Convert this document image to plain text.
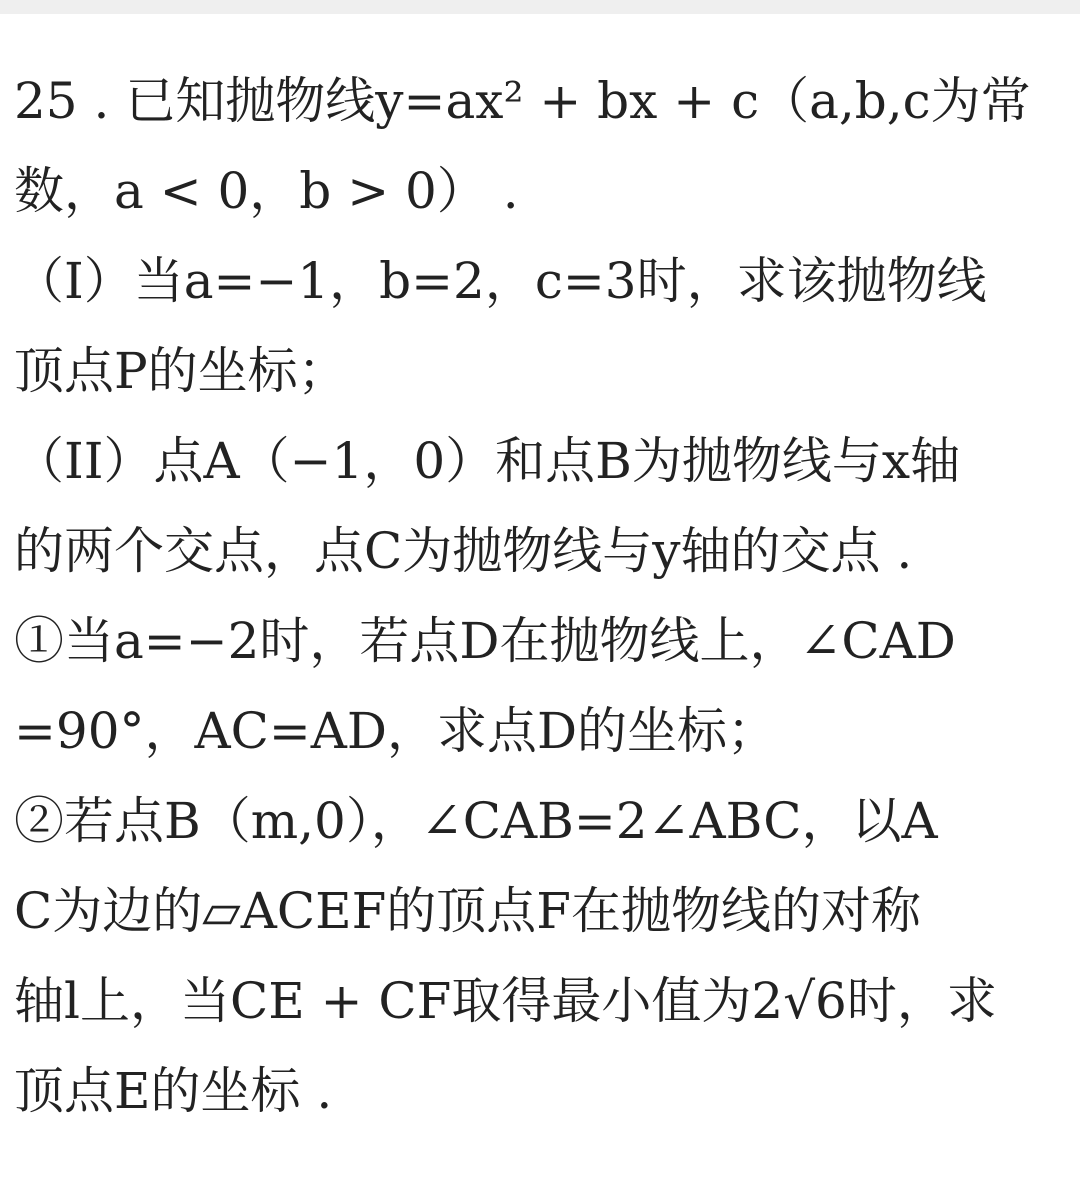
25 . 已知抛物线y=ax² + bx + c（a,b,c为常
数，a < 0，b > 0） .
（I）当a=−1，b=2，c=3时，求该抛物线
顶点P的坐标；
（II）点A（−1，0）和点B为抛物线与x轴
的两个交点，点C为抛物线与y轴的交点 .
①当a=−2时，若点D在抛物线上，∠CAD
=90°，AC=AD，求点D的坐标；
②若点B（m,0），∠CAB=2∠ABC，以A
C为边的▱ACEF的顶点F在抛物线的对称
轴l上，当CE + CF取得最小值为2√6时，求
顶点E的坐标 .
